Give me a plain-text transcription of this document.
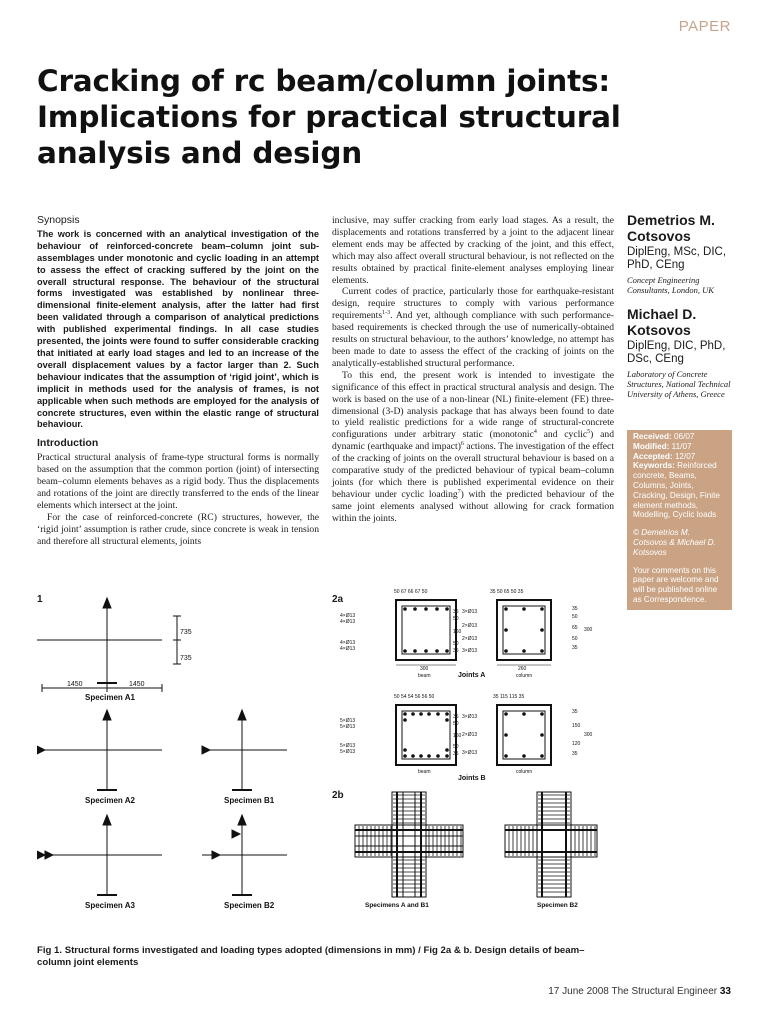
PAPER
Cracking of rc beam/column joints: Implications for practical structural analysis and design
Synopsis

The work is concerned with an analytical investigation of the behaviour of reinforced-concrete beam–column joint sub-assemblages under monotonic and cyclic loading in an attempt to assess the effect of cracking suffered by the joint on the overall structural response. The behaviour of the structural forms investigated was established by nonlinear three-dimensional finite-element analysis, after the latter had first been validated through a comparison of analytical predictions with published experimental findings. In all case studies presented, the joints were found to suffer considerable cracking that initiated at early load stages and led to an increase of the overall displacement values by a factor larger than 2. Such behaviour indicates that the assumption of ‘rigid joint’, which is implicit in methods used for the analysis of frames, is not applicable when such methods are employed for the analysis of concrete structures, even within the elastic range of structural behaviour.

Introduction

Practical structural analysis of frame-type structural forms is normally based on the assumption that the common portion (joint) of intersecting beam–column elements behaves as a rigid body. Thus the displacements and rotations of the joint are directly transferred to the ends of the linear elements which intersect at the joint.

For the case of reinforced-concrete (RC) structures, however, the ‘rigid joint’ assumption is rather crude, since concrete is weak in tension and therefore all structural elements, joints

inclusive, may suffer cracking from early load stages. As a result, the displacements and rotations transferred by a joint to the adjacent linear element ends may be affected by cracking of the joint, and this effect, which may also affect overall structural behaviour, is not reflected on the results obtained by practical finite-element analyses employing linear elements.

Current codes of practice, particularly those for earthquake-resistant design, require structures to comply with various performance requirements$^{1-3}$. And yet, although compliance with such performance-based requirements is checked through the use of numerically-obtained results on structural behaviour, to the authors’ knowledge, no attempt has been made to date to assess the effect of the cracking of joints on the analytically-established structural performance.

To this end, the present work is intended to investigate the significance of this effect in practical structural analysis and design. The work is based on the use of a non-linear (NL) finite-element (FE) three-dimensional (3-D) analysis package that has always been found to date to yield realistic predictions for a wide range of structural-concrete configurations under arbitrary static (monotonic$^4$ and cyclic$^5$) and dynamic (earthquake and impact)$^6$ actions. The investigation of the effect of the cracking of joints on the overall structural behaviour is based on a comparative study of the predicted behaviour of typical beam–column joints (for which there is published experimental evidence on their behaviour under cyclic loading$^7$) with the predicted behaviour of the same joint elements analysed without allowing for crack formation within the joints.

Demetrios M. Cotsovos

DiplEng, MSc, DIC, PhD, CEng

Concept Engineering Consultants, London, UK

Michael D. Kotsovos

DiplEng, DIC, PhD, DSc, CEng

Laboratory of Concrete Structures, National Technical University of Athens, Greece

Received: 06/07
Modified: 11/07
Accepted: 12/07
Keywords: Reinforced concrete, Beams, Columns, Joints, Cracking, Design, Finite element methods, Modelling, Cyclic loads
© Demetrios M. Cotsovos & Michael D. Kotsovos
Your comments on this paper are welcome and will be published online as Correspondence.
1
735
735
1450	1450
Specimen A1
Specimen A2	Specimen B1
Specimen A3	Specimen B2
2a
50 67 66 67 50	35 50 65 50 35
50 54 54 56 56 50	35 115 115 35
4×Ø13
4×Ø13
4×Ø13
4×Ø13
3×Ø13
2×Ø13
2×Ø13
3×Ø13
5×Ø13
5×Ø13
5×Ø13
5×Ø13
3×Ø13
2×Ø13
3×Ø13
35
50
160
50
35
35
50
65
50
35
300
35
50
160
50
35
35
150
120
35
300
300	260
beam	column
beam	column
Joints A
Joints B
2b
Specimens A and B1	Specimen B2
Fig 1. Structural forms investigated and loading types adopted (dimensions in mm) / Fig 2a & b. Design details of beam–column joint elements
17 June 2008 The Structural Engineer 33
